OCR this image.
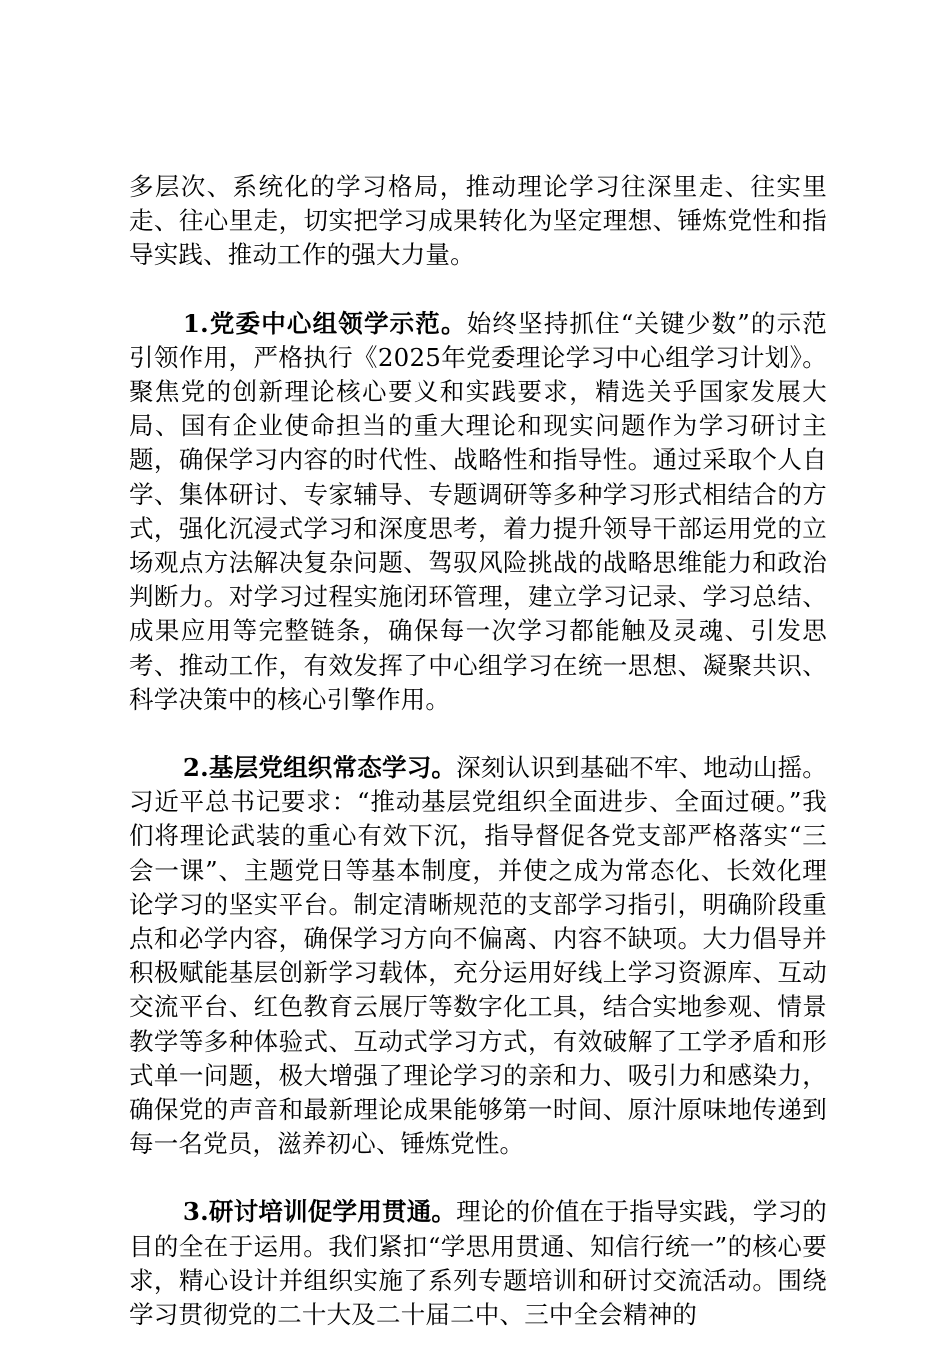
多层次、系统化的学习格局，推动理论学习往深里走、往实里走、往心里走，切实把学习成果转化为坚定理想、锤炼党性和指导实践、推动工作的强大力量。

1.党委中心组领学示范。始终坚持抓住“关键少数”的示范引领作用，严格执行《2025年党委理论学习中心组学习计划》。聚焦党的创新理论核心要义和实践要求，精选关乎国家发展大局、国有企业使命担当的重大理论和现实问题作为学习研讨主题，确保学习内容的时代性、战略性和指导性。通过采取个人自学、集体研讨、专家辅导、专题调研等多种学习形式相结合的方式，强化沉浸式学习和深度思考，着力提升领导干部运用党的立场观点方法解决复杂问题、驾驭风险挑战的战略思维能力和政治判断力。对学习过程实施闭环管理，建立学习记录、学习总结、成果应用等完整链条，确保每一次学习都能触及灵魂、引发思考、推动工作，有效发挥了中心组学习在统一思想、凝聚共识、科学决策中的核心引擎作用。

2.基层党组织常态学习。深刻认识到基础不牢、地动山摇。习近平总书记要求：“推动基层党组织全面进步、全面过硬。”我们将理论武装的重心有效下沉，指导督促各党支部严格落实“三会一课”、主题党日等基本制度，并使之成为常态化、长效化理论学习的坚实平台。制定清晰规范的支部学习指引，明确阶段重点和必学内容，确保学习方向不偏离、内容不缺项。大力倡导并积极赋能基层创新学习载体，充分运用好线上学习资源库、互动交流平台、红色教育云展厅等数字化工具，结合实地参观、情景教学等多种体验式、互动式学习方式，有效破解了工学矛盾和形式单一问题，极大增强了理论学习的亲和力、吸引力和感染力，确保党的声音和最新理论成果能够第一时间、原汁原味地传递到每一名党员，滋养初心、锤炼党性。

3.研讨培训促学用贯通。理论的价值在于指导实践，学习的目的全在于运用。我们紧扣“学思用贯通、知信行统一”的核心要求，精心设计并组织实施了系列专题培训和研讨交流活动。围绕学习贯彻党的二十大及二十届二中、三中全会精神的
